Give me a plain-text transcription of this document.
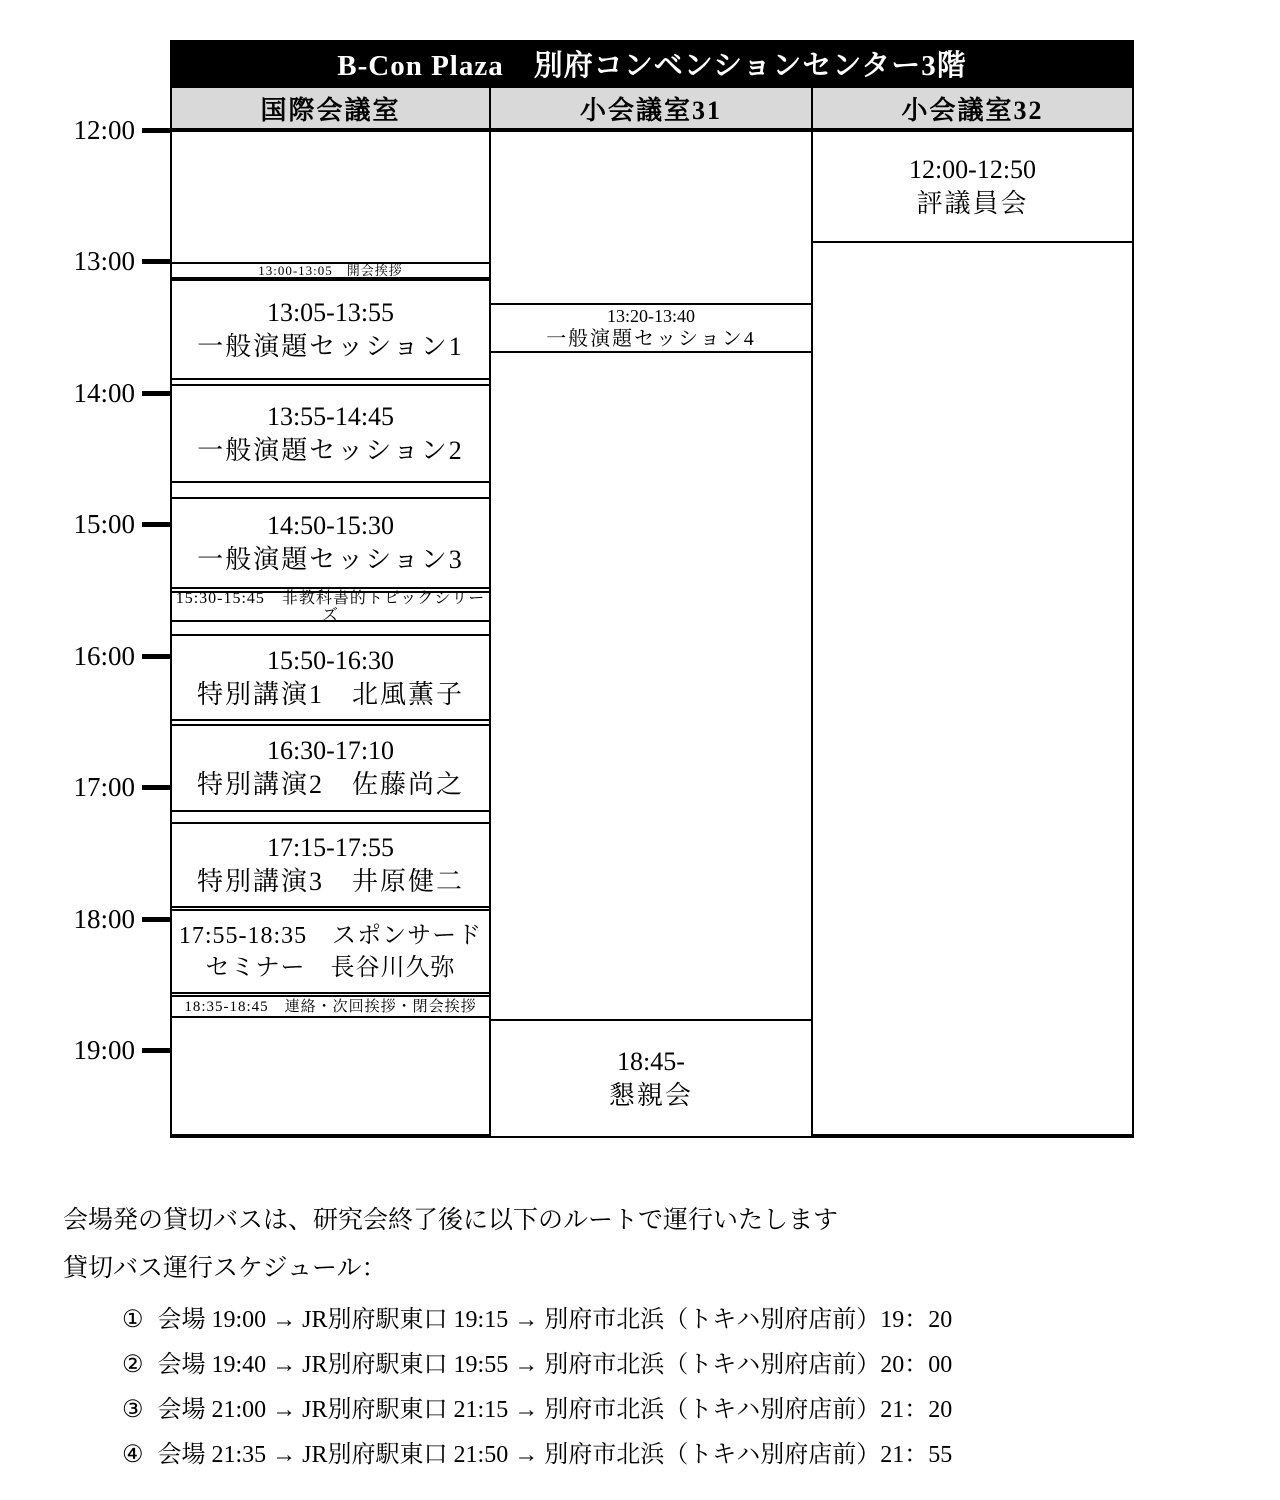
B-Con Plaza　別府コンベンションセンター3階
国際会議室	小会議室31	小会議室32
12:00
13:00
14:00
15:00
16:00
17:00
18:00
19:00
13:00-13:05　開会挨拶
13:05-13:55
一般演題セッション1
13:55-14:45
一般演題セッション2
14:50-15:30
一般演題セッション3
15:30-15:45　非教科書的トピックシリーズ
15:50-16:30
特別講演1　北風薫子
16:30-17:10
特別講演2　佐藤尚之
17:15-17:55
特別講演3　井原健二
17:55-18:35　スポンサード
セミナー　長谷川久弥
18:35-18:45　連絡・次回挨拶・閉会挨拶
13:20-13:40
一般演題セッション4
18:45-
懇親会
12:00-12:50
評議員会
会場発の貸切バスは、研究会終了後に以下のルートで運行いたします
貸切バス運行スケジュール：
① 会場 19:00 → JR別府駅東口 19:15 → 別府市北浜（トキハ別府店前）19：20
② 会場 19:40 → JR別府駅東口 19:55 → 別府市北浜（トキハ別府店前）20：00
③ 会場 21:00 → JR別府駅東口 21:15 → 別府市北浜（トキハ別府店前）21：20
④ 会場 21:35 → JR別府駅東口 21:50 → 別府市北浜（トキハ別府店前）21：55
